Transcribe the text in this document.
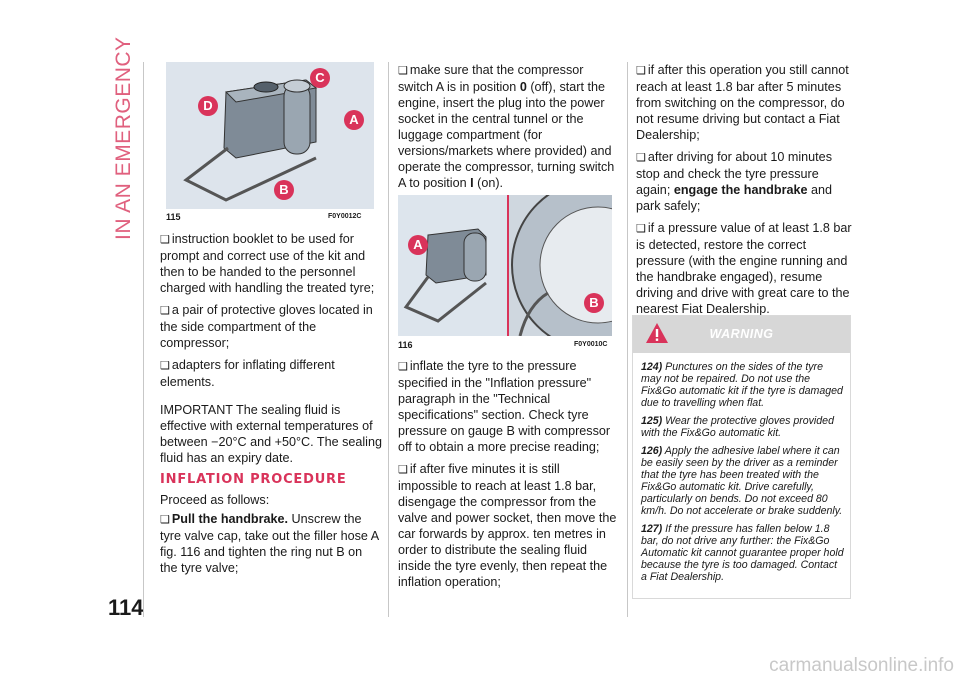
IN AN EMERGENCY
114
C
D
A
B
115	F0Y0012C
❑ instruction booklet to be used for prompt and correct use of the kit and then to be handed to the personnel charged with handling the treated tyre;
❑ a pair of protective gloves located in the side compartment of the compressor;
❑ adapters for inflating different elements.
IMPORTANT The sealing fluid is effective with external temperatures of between −20°C and +50°C. The sealing fluid has an expiry date.
INFLATION PROCEDURE
Proceed as follows:
❑ Pull the handbrake. Unscrew the tyre valve cap, take out the filler hose A fig. 116 and tighten the ring nut B on the tyre valve;
❑ make sure that the compressor switch A is in position 0 (off), start the engine, insert the plug into the power socket in the central tunnel or the luggage compartment (for versions/markets where provided) and operate the compressor, turning switch A to position I (on).
A
B
116	F0Y0010C
❑ inflate the tyre to the pressure specified in the "Inflation pressure" paragraph in the "Technical specifications" section. Check tyre pressure on gauge B with compressor off to obtain a more precise reading;
❑ if after five minutes it is still impossible to reach at least 1.8 bar, disengage the compressor from the valve and power socket, then move the car forwards by approx. ten metres in order to distribute the sealing fluid inside the tyre evenly, then repeat the inflation operation;
❑ if after this operation you still cannot reach at least 1.8 bar after 5 minutes from switching on the compressor, do not resume driving but contact a Fiat Dealership;
❑ after driving for about 10 minutes stop and check the tyre pressure again; engage the handbrake and park safely;
❑ if a pressure value of at least 1.8 bar is detected, restore the correct pressure (with the engine running and the handbrake engaged), resume driving and drive with great care to the nearest Fiat Dealership.
WARNING

124) Punctures on the sides of the tyre may not be repaired. Do not use the Fix&Go automatic kit if the tyre is damaged due to travelling when flat.

125) Wear the protective gloves provided with the Fix&Go automatic kit.

126) Apply the adhesive label where it can be easily seen by the driver as a reminder that the tyre has been treated with the Fix&Go automatic kit. Drive carefully, particularly on bends. Do not exceed 80 km/h. Do not accelerate or brake suddenly.

127) If the pressure has fallen below 1.8 bar, do not drive any further: the Fix&Go Automatic kit cannot guarantee proper hold because the tyre is too damaged. Contact a Fiat Dealership.

carmanualsonline.info
